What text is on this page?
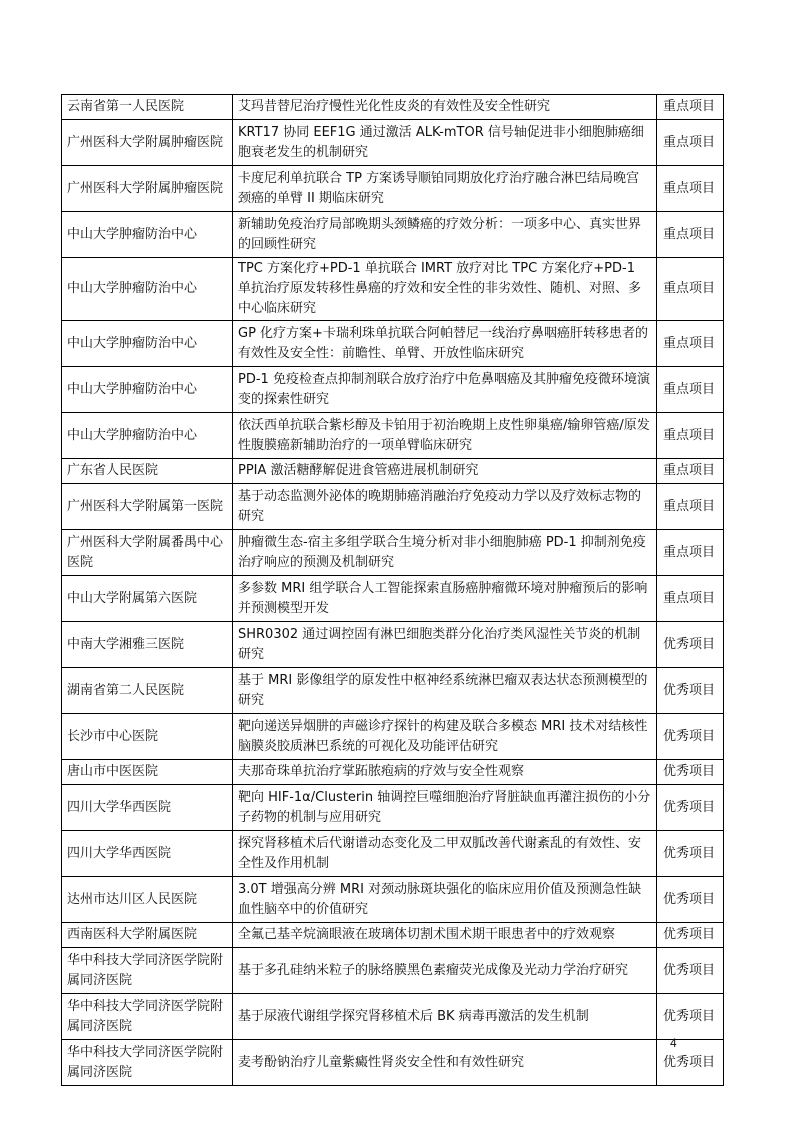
云南省第一人民医院	艾玛昔替尼治疗慢性光化性皮炎的有效性及安全性研究	重点项目
广州医科大学附属肿瘤医院	KRT17 协同 EEF1G 通过激活 ALK-mTOR 信号轴促进非小细胞肺癌细胞衰老发生的机制研究	重点项目
广州医科大学附属肿瘤医院	卡度尼利单抗联合 TP 方案诱导顺铂同期放化疗治疗融合淋巴结局晚宫颈癌的单臂 II 期临床研究	重点项目
中山大学肿瘤防治中心	新辅助免疫治疗局部晚期头颈鳞癌的疗效分析：一项多中心、真实世界的回顾性研究	重点项目
中山大学肿瘤防治中心	TPC 方案化疗+PD-1 单抗联合 IMRT 放疗对比 TPC 方案化疗+PD-1 单抗治疗原发转移性鼻癌的疗效和安全性的非劣效性、随机、对照、多中心临床研究	重点项目
中山大学肿瘤防治中心	GP 化疗方案+卡瑞利珠单抗联合阿帕替尼一线治疗鼻咽癌肝转移患者的有效性及安全性：前瞻性、单臂、开放性临床研究	重点项目
中山大学肿瘤防治中心	PD-1 免疫检查点抑制剂联合放疗治疗中危鼻咽癌及其肿瘤免疫微环境演变的探索性研究	重点项目
中山大学肿瘤防治中心	依沃西单抗联合紫杉醇及卡铂用于初治晚期上皮性卵巢癌/输卵管癌/原发性腹膜癌新辅助治疗的一项单臂临床研究	重点项目
广东省人民医院	PPIA 激活糖酵解促进食管癌进展机制研究	重点项目
广州医科大学附属第一医院	基于动态监测外泌体的晚期肺癌消融治疗免疫动力学以及疗效标志物的研究	重点项目
广州医科大学附属番禺中心医院	肿瘤微生态-宿主多组学联合生境分析对非小细胞肺癌 PD-1 抑制剂免疫治疗响应的预测及机制研究	重点项目
中山大学附属第六医院	多参数 MRI 组学联合人工智能探索直肠癌肿瘤微环境对肿瘤预后的影响并预测模型开发	重点项目
中南大学湘雅三医院	SHR0302 通过调控固有淋巴细胞类群分化治疗类风湿性关节炎的机制研究	优秀项目
湖南省第二人民医院	基于 MRI 影像组学的原发性中枢神经系统淋巴瘤双表达状态预测模型的研究	优秀项目
长沙市中心医院	靶向递送异烟肼的声磁诊疗探针的构建及联合多模态 MRI 技术对结核性脑膜炎胶质淋巴系统的可视化及功能评估研究	优秀项目
唐山市中医医院	夫那奇珠单抗治疗掌跖脓疱病的疗效与安全性观察	优秀项目
四川大学华西医院	靶向 HIF-1α/Clusterin 轴调控巨噬细胞治疗肾脏缺血再灌注损伤的小分子药物的机制与应用研究	优秀项目
四川大学华西医院	探究肾移植术后代谢谱动态变化及二甲双胍改善代谢紊乱的有效性、安全性及作用机制	优秀项目
达州市达川区人民医院	3.0T 增强高分辨 MRI 对颈动脉斑块强化的临床应用价值及预测急性缺血性脑卒中的价值研究	优秀项目
西南医科大学附属医院	全氟己基辛烷滴眼液在玻璃体切割术围术期干眼患者中的疗效观察	优秀项目
华中科技大学同济医学院附属同济医院	基于多孔硅纳米粒子的脉络膜黑色素瘤荧光成像及光动力学治疗研究	优秀项目
华中科技大学同济医学院附属同济医院	基于尿液代谢组学探究肾移植术后 BK 病毒再激活的发生机制	优秀项目
华中科技大学同济医学院附属同济医院	麦考酚钠治疗儿童紫癜性肾炎安全性和有效性研究	优秀项目
4
